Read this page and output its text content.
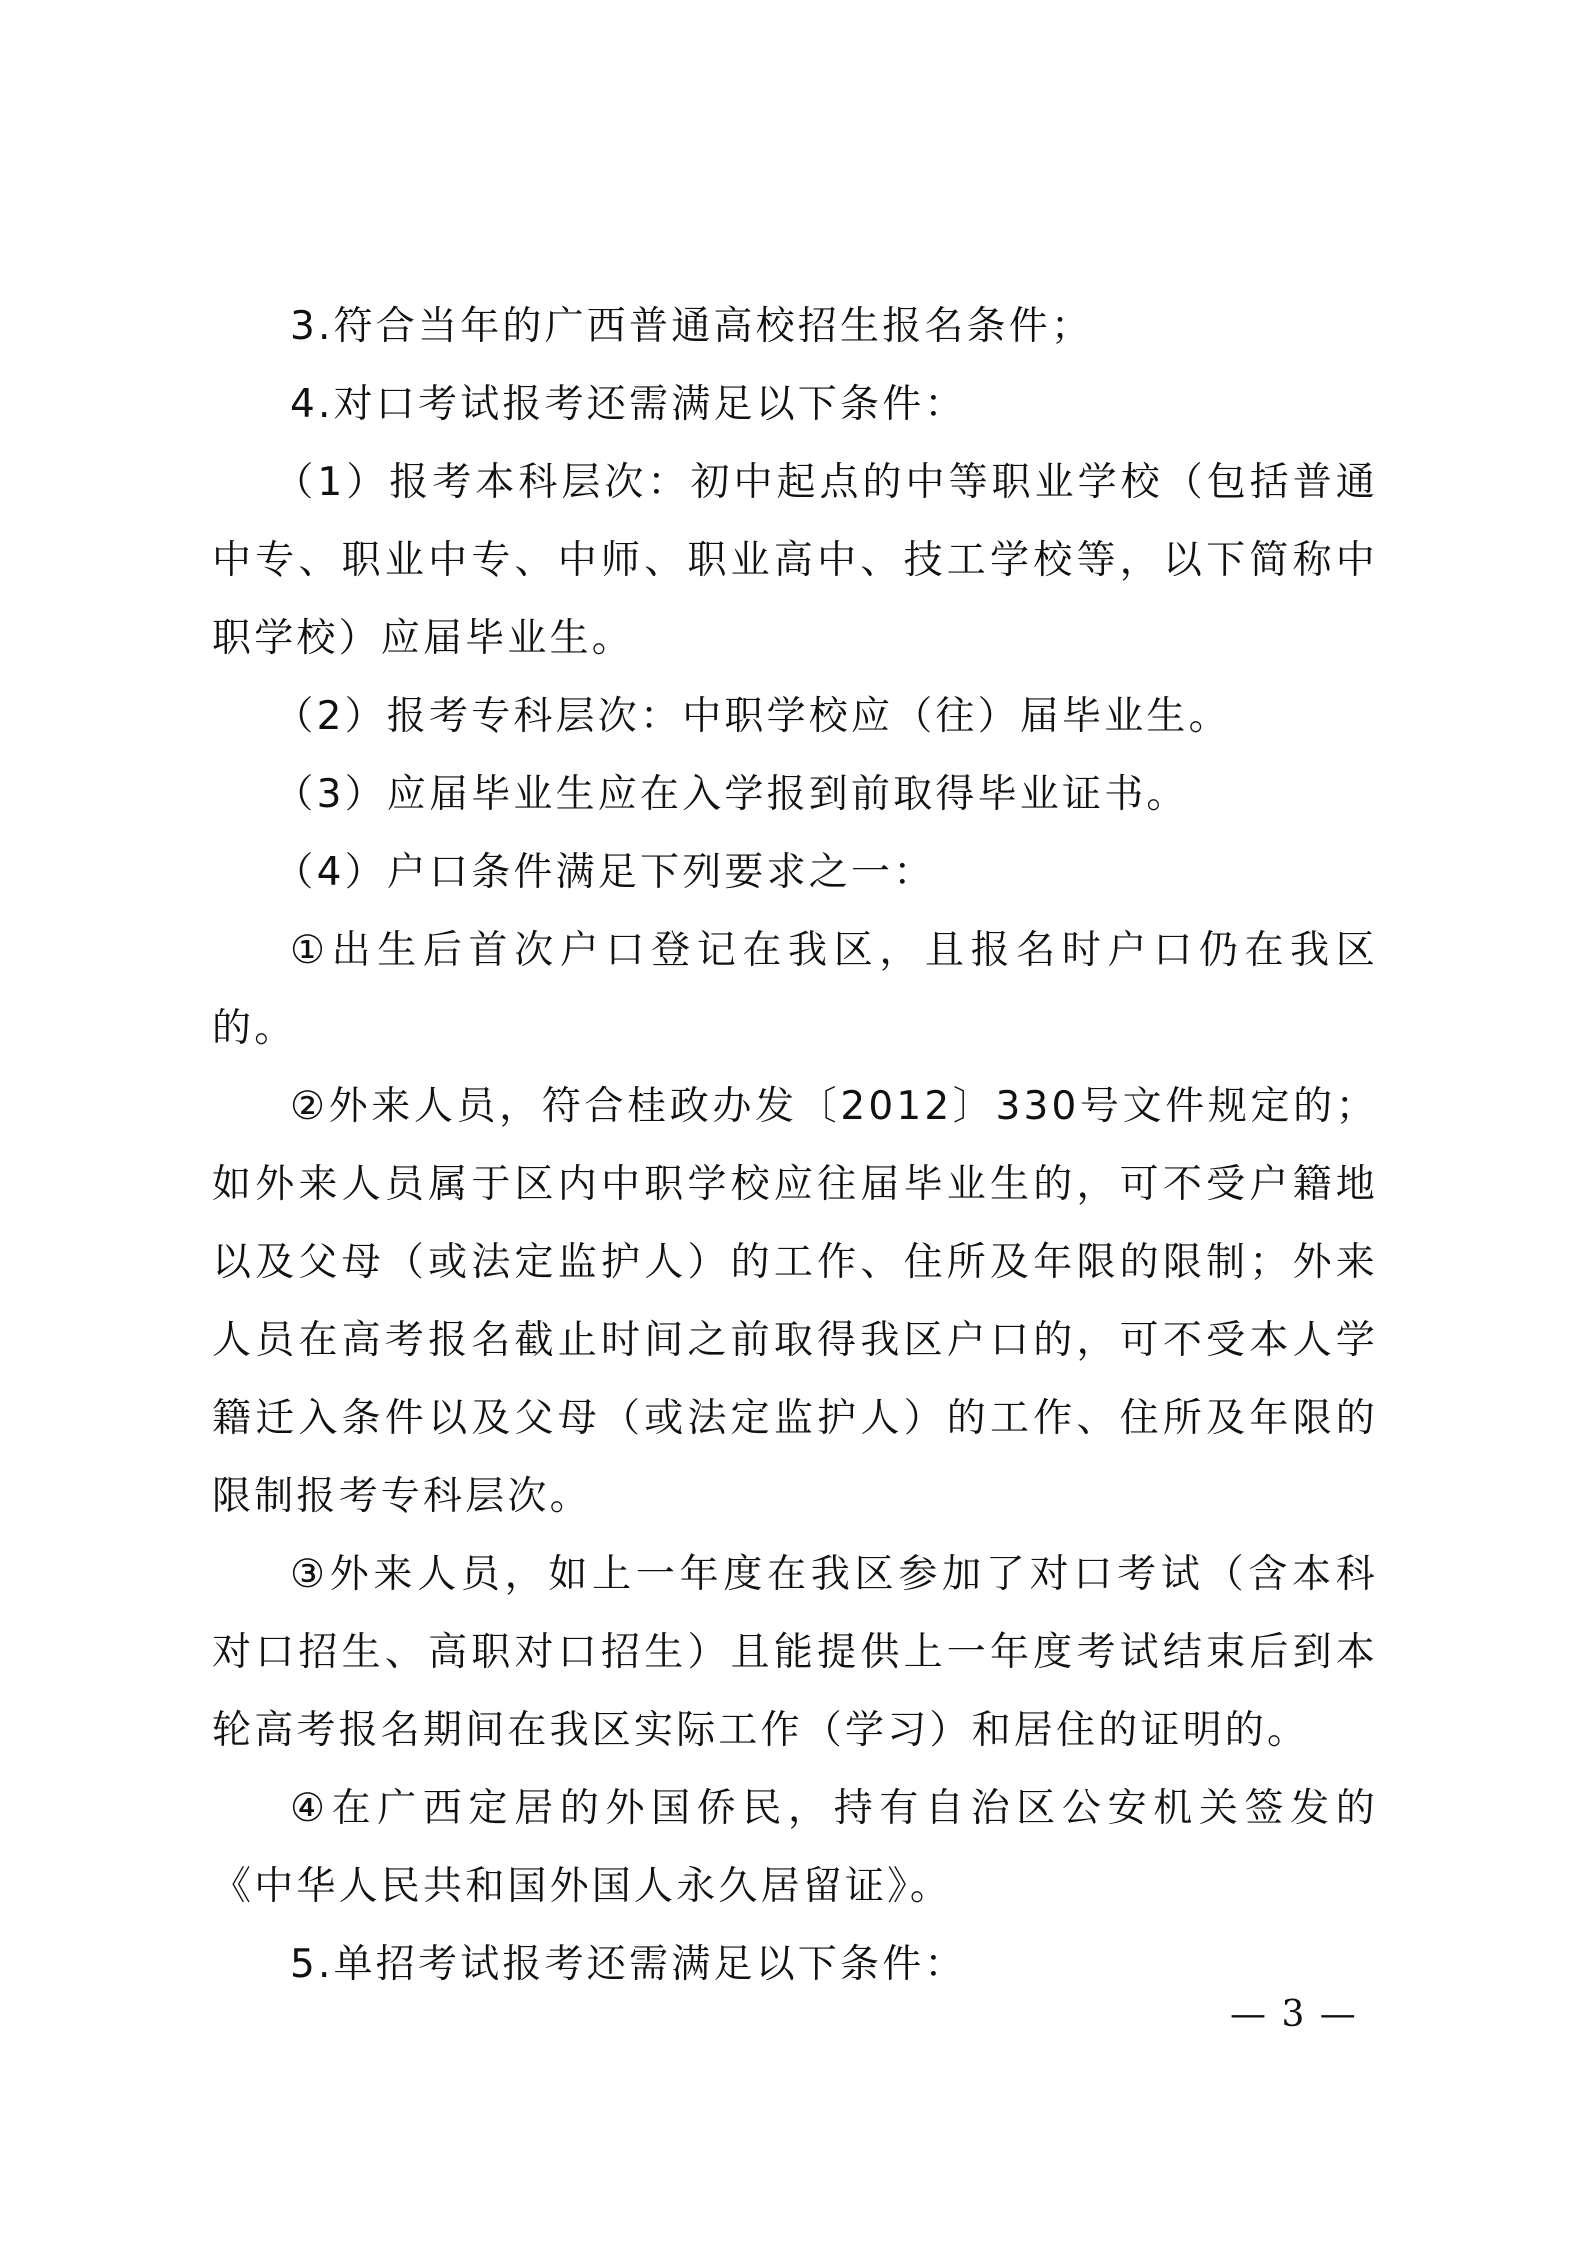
3.符合当年的广西普通高校招生报名条件；

4.对口考试报考还需满足以下条件：

（1）报考本科层次：初中起点的中等职业学校（包括普通中专、职业中专、中师、职业高中、技工学校等，以下简称中职学校）应届毕业生。

（2）报考专科层次：中职学校应（往）届毕业生。

（3）应届毕业生应在入学报到前取得毕业证书。

（4）户口条件满足下列要求之一：

①出生后首次户口登记在我区，且报名时户口仍在我区的。

②外来人员，符合桂政办发〔2012〕330号文件规定的；如外来人员属于区内中职学校应往届毕业生的，可不受户籍地以及父母（或法定监护人）的工作、住所及年限的限制；外来人员在高考报名截止时间之前取得我区户口的，可不受本人学籍迁入条件以及父母（或法定监护人）的工作、住所及年限的限制报考专科层次。

③外来人员，如上一年度在我区参加了对口考试（含本科对口招生、高职对口招生）且能提供上一年度考试结束后到本轮高考报名期间在我区实际工作（学习）和居住的证明的。

④在广西定居的外国侨民，持有自治区公安机关签发的《中华人民共和国外国人永久居留证》。

5.单招考试报考还需满足以下条件：

— 3 —
